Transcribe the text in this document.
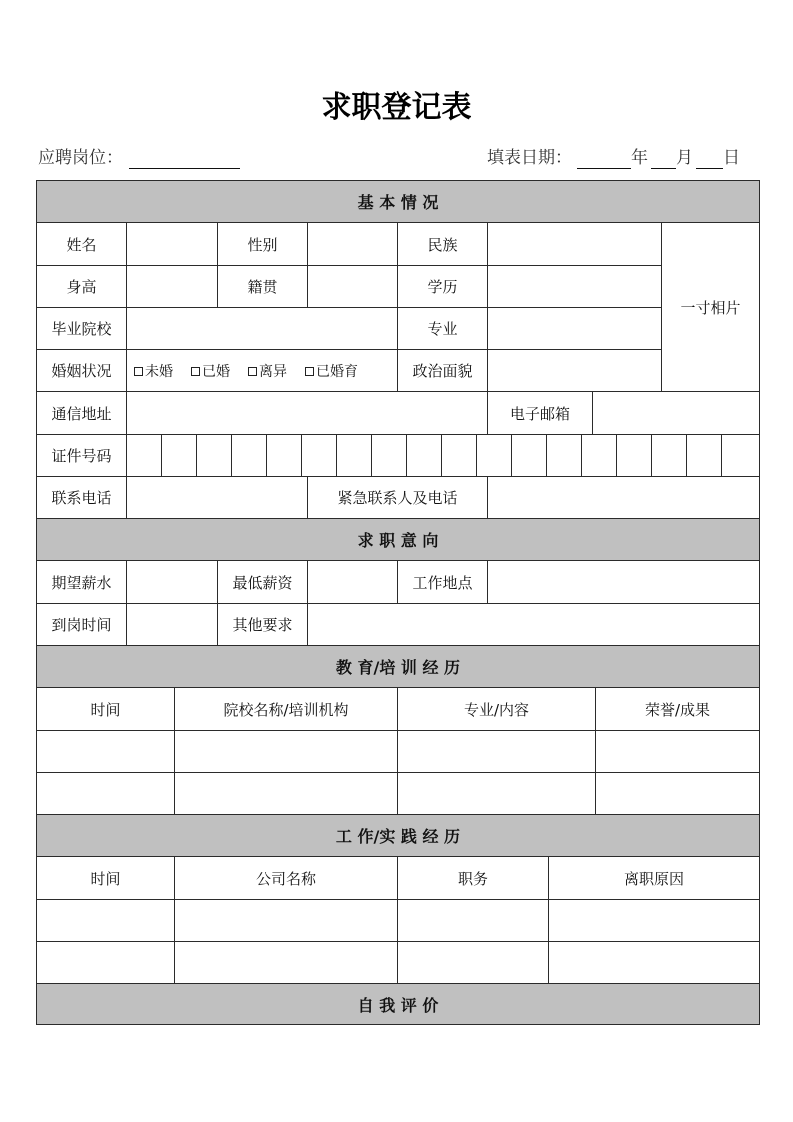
求职登记表
应聘岗位：	填表日期：	年 月 日
基 本 情 况
姓名	性别	民族
一寸相片
身高	籍贯	学历
毕业院校	专业
婚姻状况	未婚 已婚 离异 已婚育	政治面貌
通信地址	电子邮箱
证件号码
联系电话	紧急联系人及电话
求 职 意 向
期望薪水	最低薪资	工作地点
到岗时间	其他要求
教 育/培 训 经 历
时间	院校名称/培训机构	专业/内容	荣誉/成果
工 作/实 践 经 历
时间	公司名称	职务	离职原因
自 我 评 价
